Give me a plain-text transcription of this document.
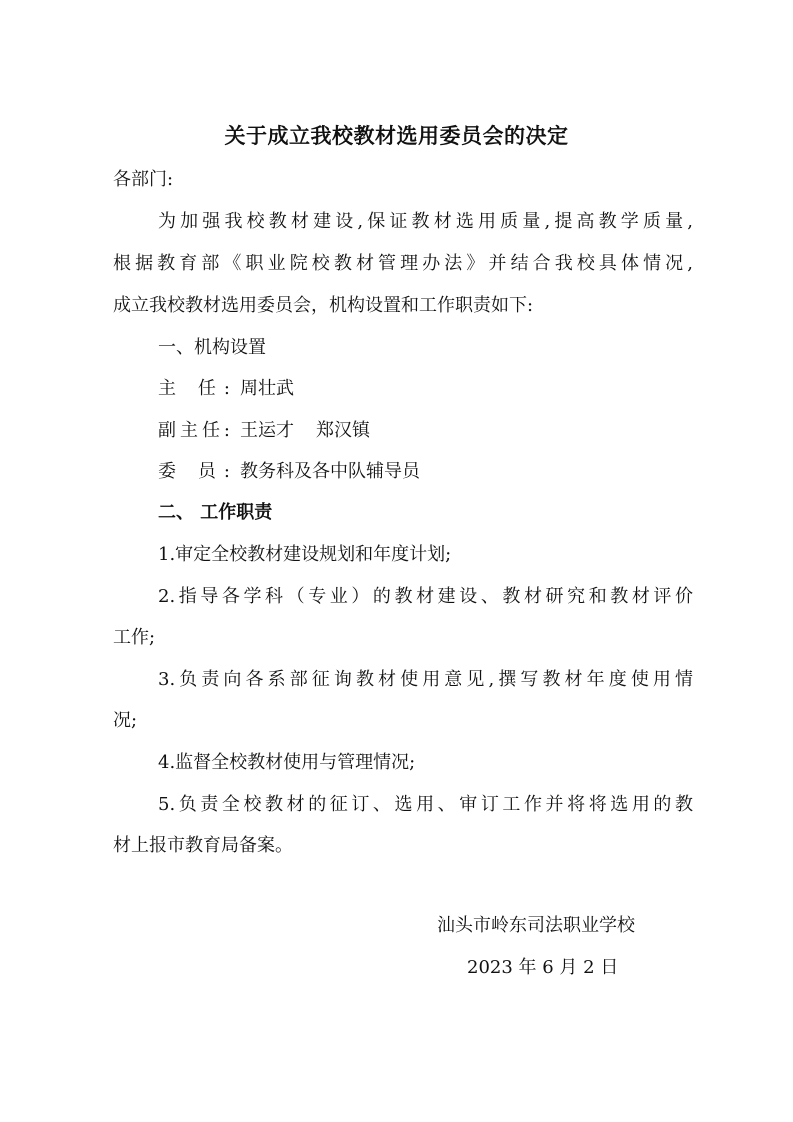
关于成立我校教材选用委员会的决定
各部门:
为加强我校教材建设,保证教材选用质量,提高教学质量,
根据教育部《职业院校教材管理办法》并结合我校具体情况,
成立我校教材选用委员会，机构设置和工作职责如下:
一、机构设置
主 任: 周壮武
副主任: 王运才 郑汉镇
委 员: 教务科及各中队辅导员
二、 工作职责
1.审定全校教材建设规划和年度计划;
2.指导各学科（专业）的教材建设、教材研究和教材评价
工作;
3.负责向各系部征询教材使用意见,撰写教材年度使用情
况;
4.监督全校教材使用与管理情况;
5.负责全校教材的征订、选用、审订工作并将将选用的教
材上报市教育局备案。
汕头市岭东司法职业学校
2023 年 6 月 2 日
